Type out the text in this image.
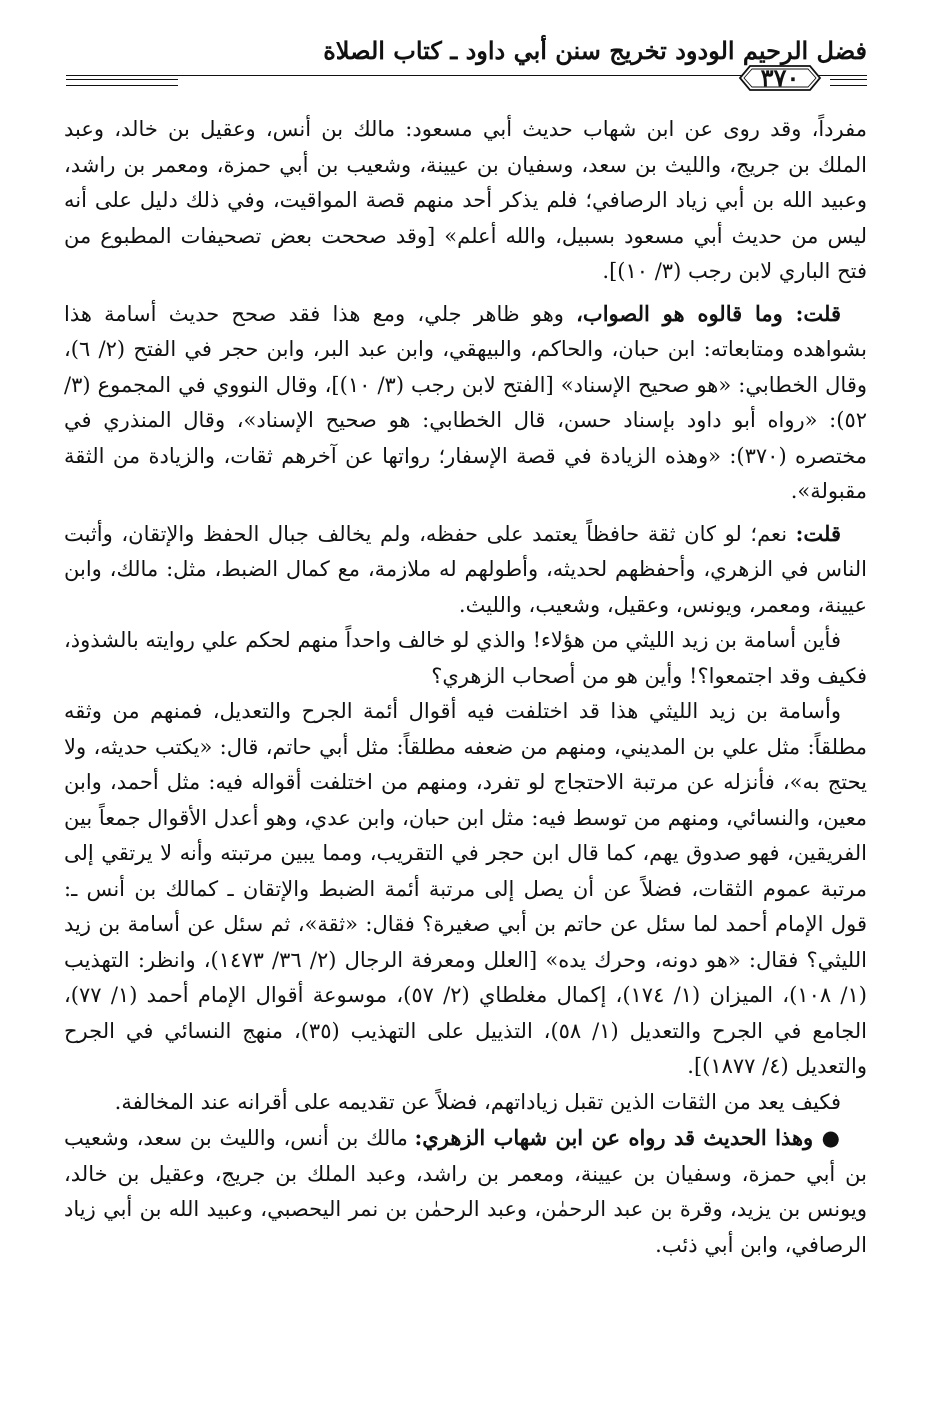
فضل الرحيم الودود تخريج سنن أبي داود ـ كتاب الصلاة
٣٧٠

مفرداً، وقد روى عن ابن شهاب حديث أبي مسعود: مالك بن أنس، وعقيل بن خالد، وعبد الملك بن جريج، والليث بن سعد، وسفيان بن عيينة، وشعيب بن أبي حمزة، ومعمر بن راشد، وعبيد الله بن أبي زياد الرصافي؛ فلم يذكر أحد منهم قصة المواقيت، وفي ذلك دليل على أنه ليس من حديث أبي مسعود بسبيل، والله أعلم» [وقد صححت بعض تصحيفات المطبوع من فتح الباري لابن رجب (٣/ ١٠)].

قلت: وما قالوه هو الصواب، وهو ظاهر جلي، ومع هذا فقد صحح حديث أسامة هذا بشواهده ومتابعاته: ابن حبان، والحاكم، والبيهقي، وابن عبد البر، وابن حجر في الفتح (٢/ ٦)، وقال الخطابي: «هو صحيح الإسناد» [الفتح لابن رجب (٣/ ١٠)]، وقال النووي في المجموع (٣/ ٥٢): «رواه أبو داود بإسناد حسن، قال الخطابي: هو صحيح الإسناد»، وقال المنذري في مختصره (٣٧٠): «وهذه الزيادة في قصة الإسفار؛ رواتها عن آخرهم ثقات، والزيادة من الثقة مقبولة».

قلت: نعم؛ لو كان ثقة حافظاً يعتمد على حفظه، ولم يخالف جبال الحفظ والإتقان، وأثبت الناس في الزهري، وأحفظهم لحديثه، وأطولهم له ملازمة، مع كمال الضبط، مثل: مالك، وابن عيينة، ومعمر، ويونس، وعقيل، وشعيب، والليث.

فأين أسامة بن زيد الليثي من هؤلاء! والذي لو خالف واحداً منهم لحكم علي روايته بالشذوذ، فكيف وقد اجتمعوا؟! وأين هو من أصحاب الزهري؟

وأسامة بن زيد الليثي هذا قد اختلفت فيه أقوال أئمة الجرح والتعديل، فمنهم من وثقه مطلقاً: مثل علي بن المديني، ومنهم من ضعفه مطلقاً: مثل أبي حاتم، قال: «يكتب حديثه، ولا يحتج به»، فأنزله عن مرتبة الاحتجاج لو تفرد، ومنهم من اختلفت أقواله فيه: مثل أحمد، وابن معين، والنسائي، ومنهم من توسط فيه: مثل ابن حبان، وابن عدي، وهو أعدل الأقوال جمعاً بين الفريقين، فهو صدوق يهم، كما قال ابن حجر في التقريب، ومما يبين مرتبته وأنه لا يرتقي إلى مرتبة عموم الثقات، فضلاً عن أن يصل إلى مرتبة أئمة الضبط والإتقان ـ كمالك بن أنس ـ: قول الإمام أحمد لما سئل عن حاتم بن أبي صغيرة؟ فقال: «ثقة»، ثم سئل عن أسامة بن زيد الليثي؟ فقال: «هو دونه، وحرك يده» [العلل ومعرفة الرجال (٢/ ٣٦/ ١٤٧٣)، وانظر: التهذيب (١/ ١٠٨)، الميزان (١/ ١٧٤)، إكمال مغلطاي (٢/ ٥٧)، موسوعة أقوال الإمام أحمد (١/ ٧٧)، الجامع في الجرح والتعديل (١/ ٥٨)، التذييل على التهذيب (٣٥)، منهج النسائي في الجرح والتعديل (٤/ ١٨٧٧)].

فكيف يعد من الثقات الذين تقبل زياداتهم، فضلاً عن تقديمه على أقرانه عند المخالفة.

● وهذا الحديث قد رواه عن ابن شهاب الزهري: مالك بن أنس، والليث بن سعد، وشعيب بن أبي حمزة، وسفيان بن عيينة، ومعمر بن راشد، وعبد الملك بن جريج، وعقيل بن خالد، ويونس بن يزيد، وقرة بن عبد الرحمٰن، وعبد الرحمٰن بن نمر اليحصبي، وعبيد الله بن أبي زياد الرصافي، وابن أبي ذئب.
